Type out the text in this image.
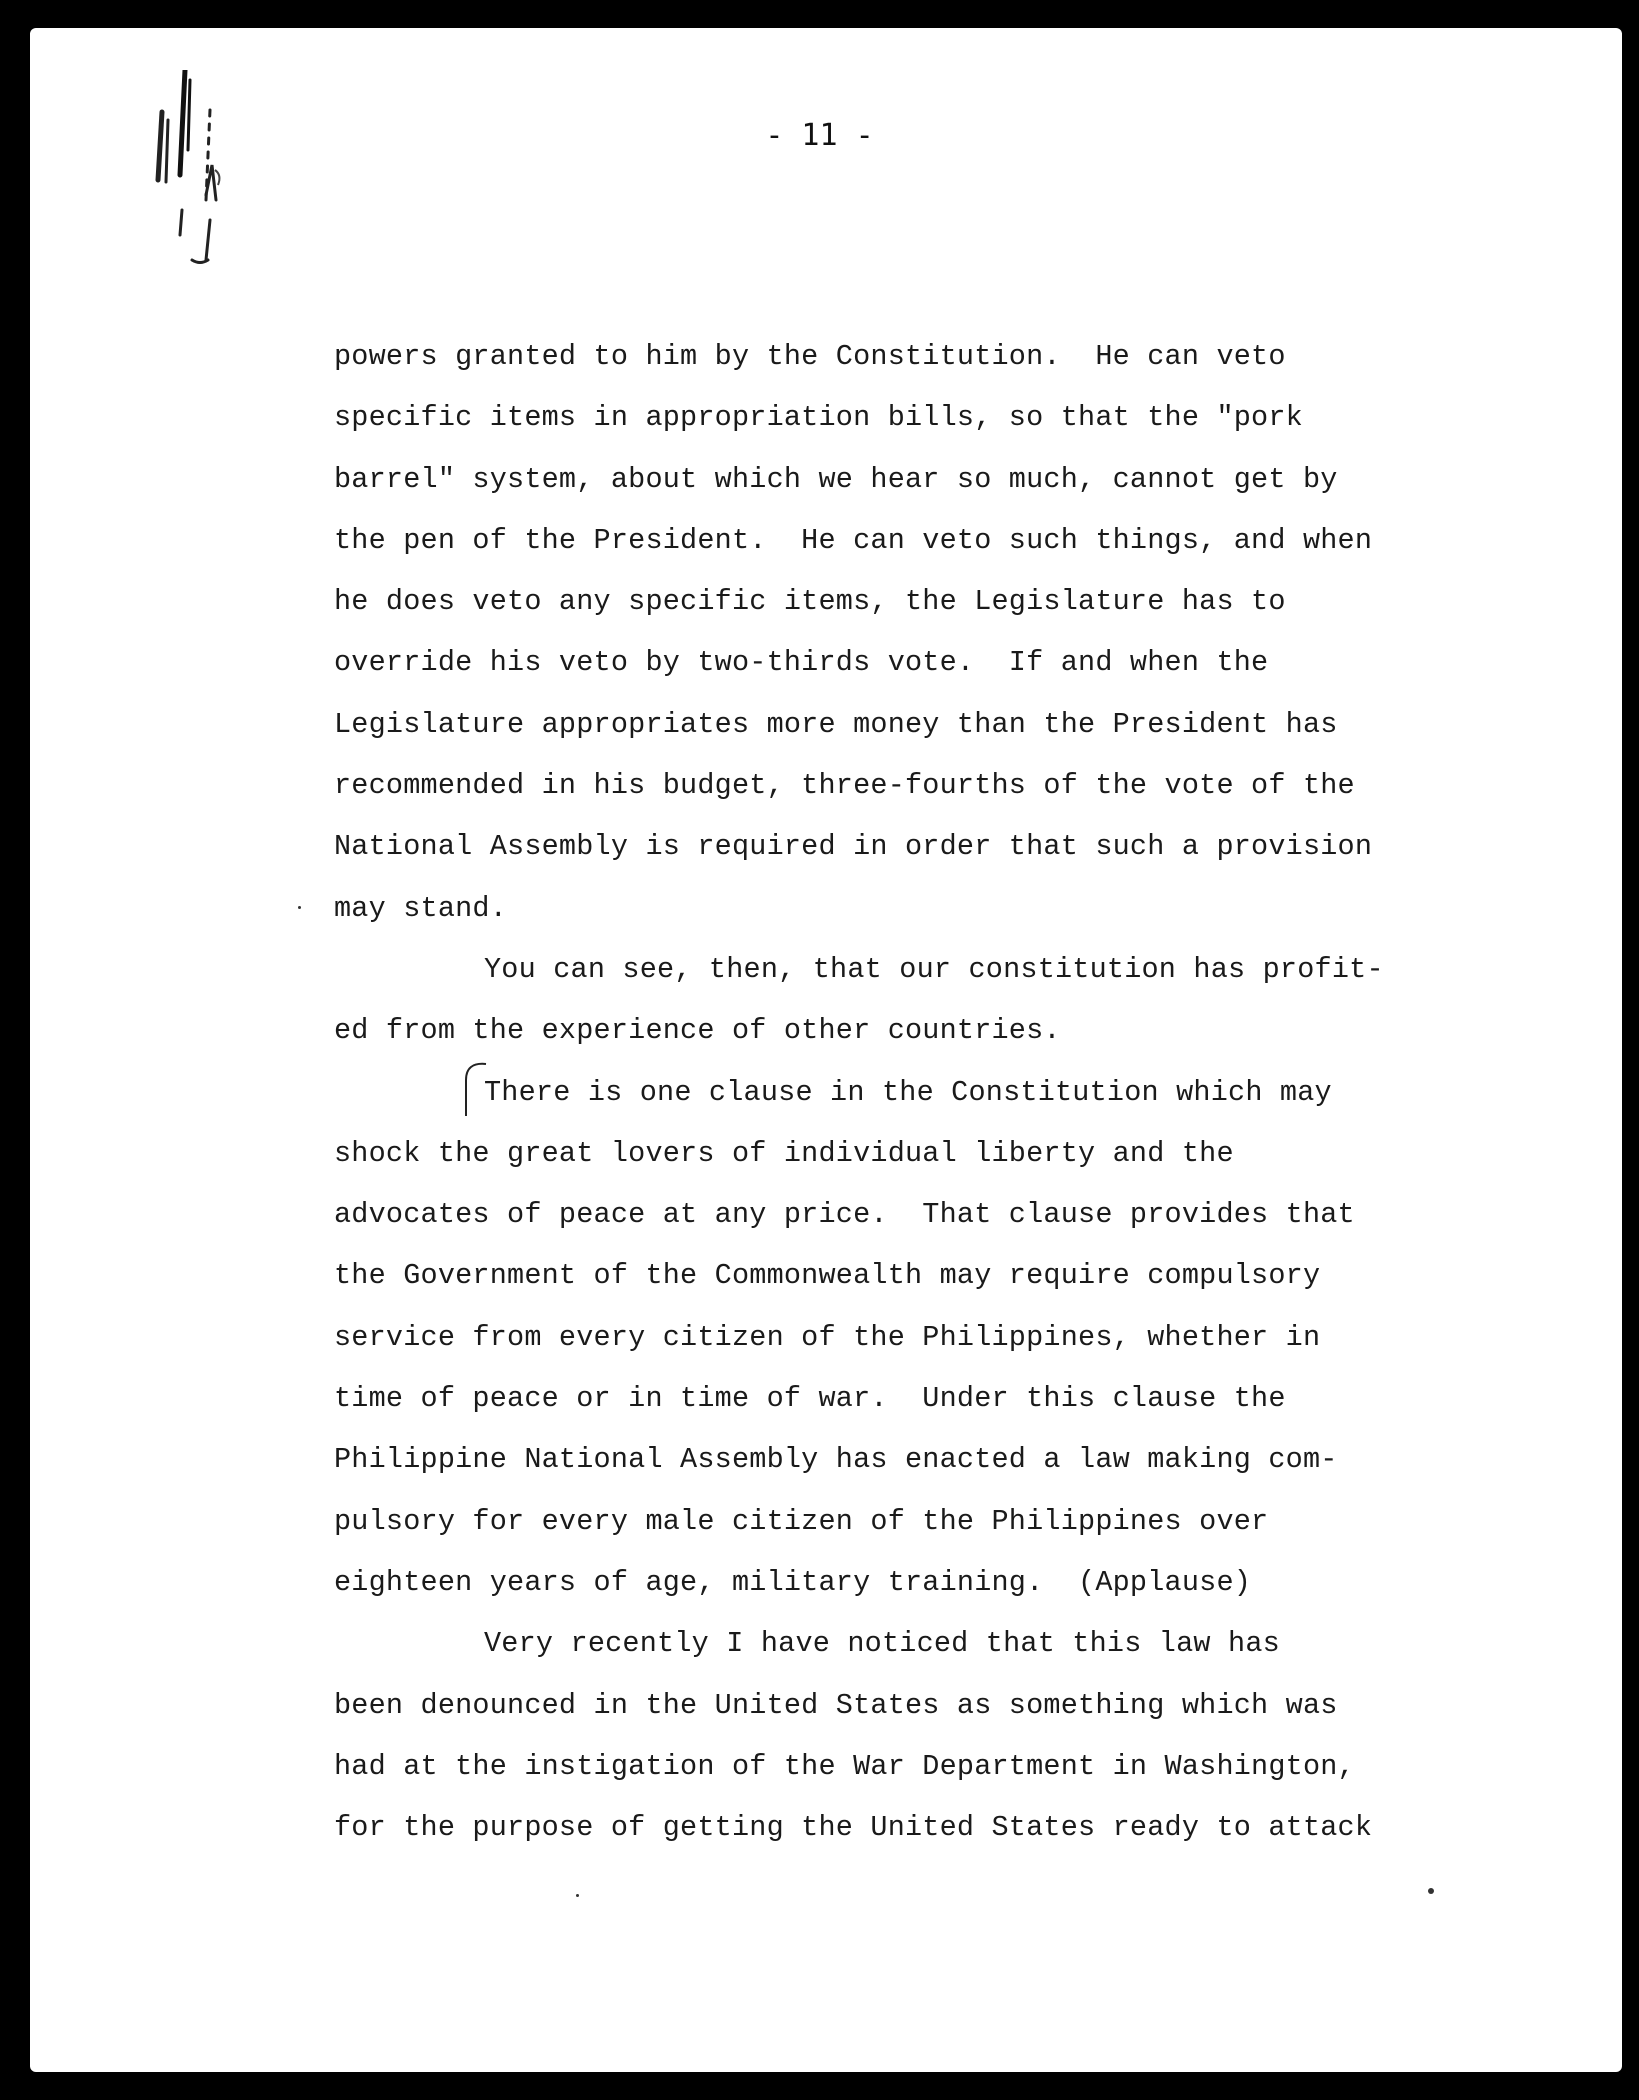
- 11 -
powers granted to him by the Constitution.  He can veto
specific items in appropriation bills, so that the "pork
barrel" system, about which we hear so much, cannot get by
the pen of the President.  He can veto such things, and when
he does veto any specific items, the Legislature has to
override his veto by two-thirds vote.  If and when the
Legislature appropriates more money than the President has
recommended in his budget, three-fourths of the vote of the
National Assembly is required in order that such a provision
may stand.
You can see, then, that our constitution has profit-
ed from the experience of other countries.
There is one clause in the Constitution which may
shock the great lovers of individual liberty and the
advocates of peace at any price.  That clause provides that
the Government of the Commonwealth may require compulsory
service from every citizen of the Philippines, whether in
time of peace or in time of war.  Under this clause the
Philippine National Assembly has enacted a law making com-
pulsory for every male citizen of the Philippines over
eighteen years of age, military training.  (Applause)
Very recently I have noticed that this law has
been denounced in the United States as something which was
had at the instigation of the War Department in Washington,
for the purpose of getting the United States ready to attack
